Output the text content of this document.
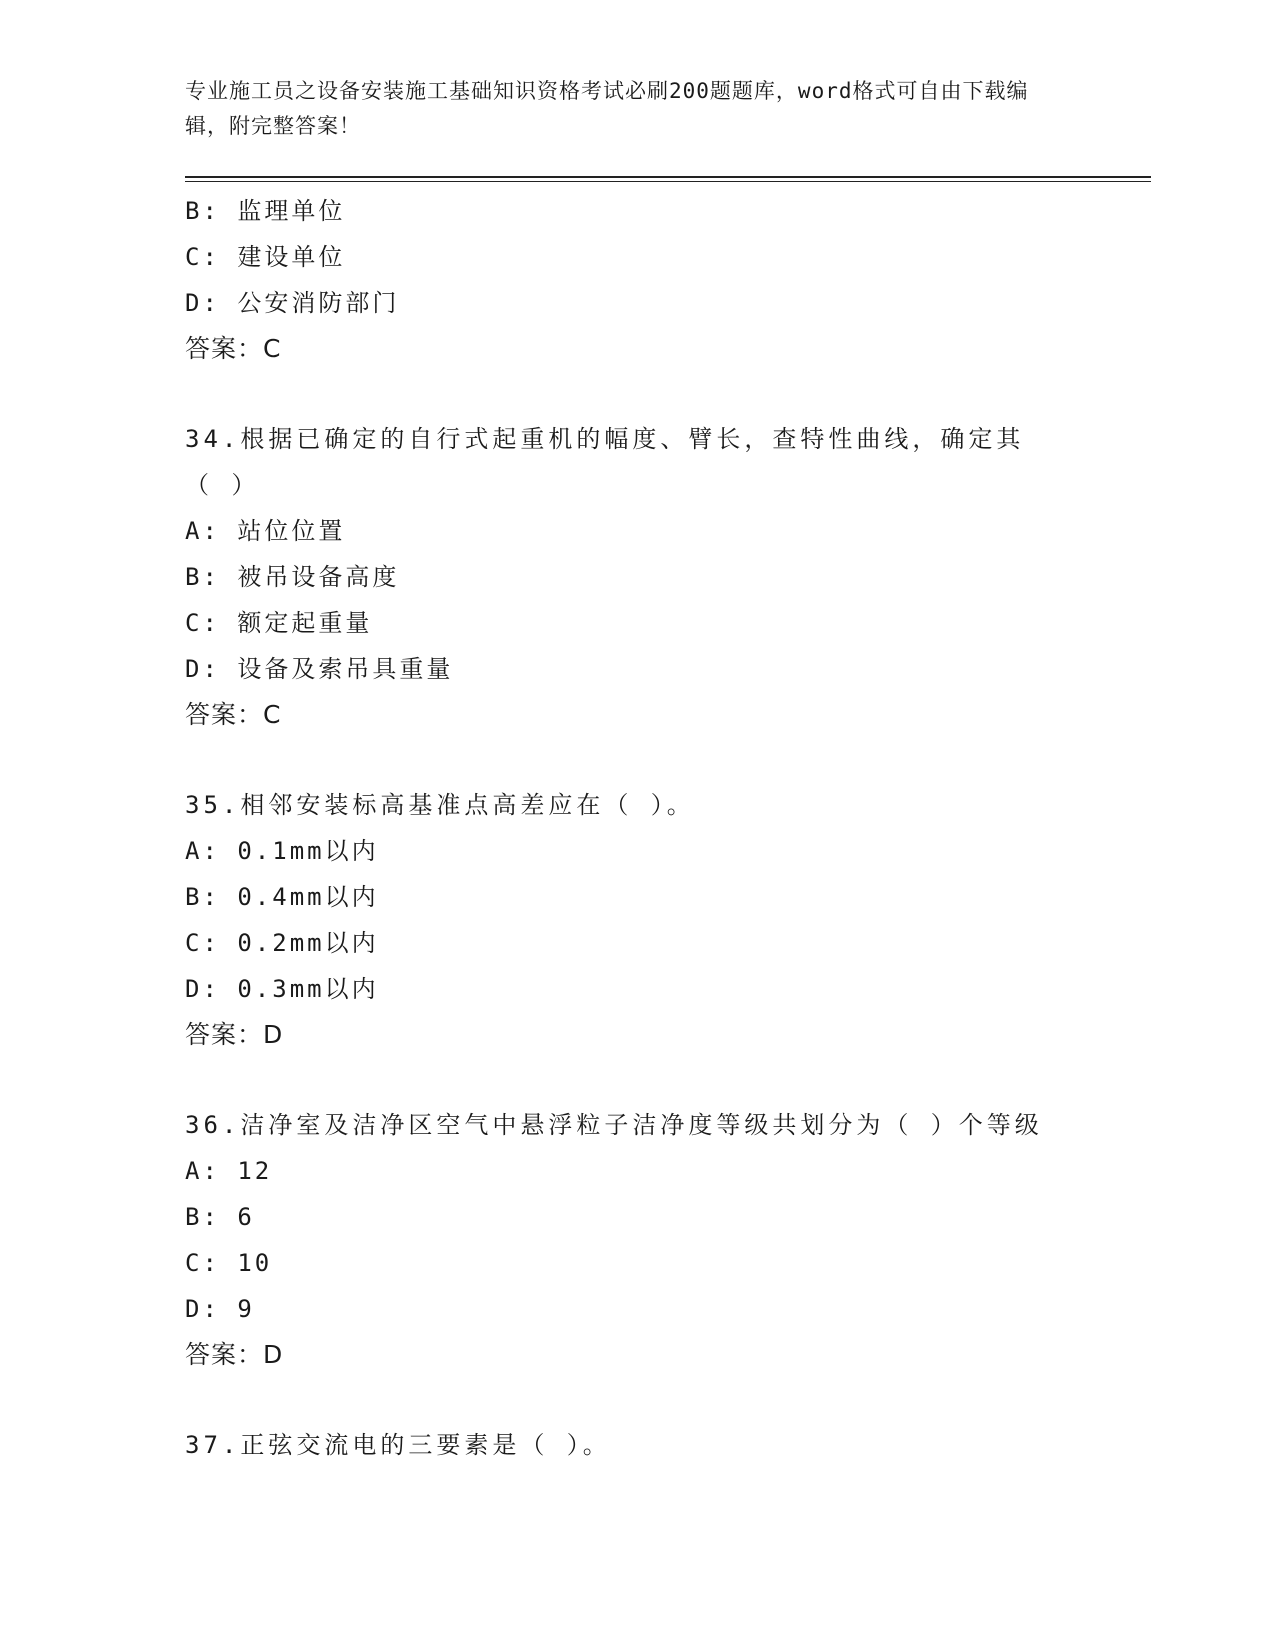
专业施工员之设备安装施工基础知识资格考试必刷200题题库，word格式可自由下载编辑，附完整答案！
B: 监理单位
C: 建设单位
D: 公安消防部门
答案：C
34.根据已确定的自行式起重机的幅度、臂长，查特性曲线，确定其（ ）
A: 站位位置
B: 被吊设备高度
C: 额定起重量
D: 设备及索吊具重量
答案：C
35.相邻安装标高基准点高差应在（ ）。
A: 0.1mm以内
B: 0.4mm以内
C: 0.2mm以内
D: 0.3mm以内
答案：D
36.洁净室及洁净区空气中悬浮粒子洁净度等级共划分为（ ）个等级
A: 12
B: 6
C: 10
D: 9
答案：D
37.正弦交流电的三要素是（ ）。
